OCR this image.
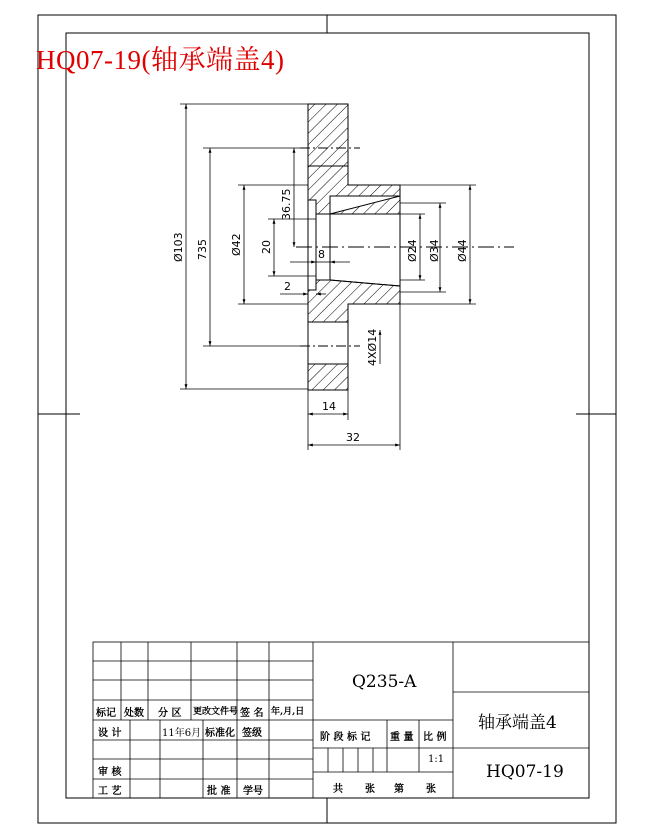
HQ07-19(轴承端盖4)
Ø103 735 Ø42 20
36.75
8
2
Ø24 Ø34 Ø44
4XØ14
14
32
Q235-A
轴承端盖4
HQ07-19
1:1
标记 处数 分 区 更改文件号 签 名 年,月,日
设 计	11年6月 标准化 签级
审 核
工 艺	批 准 学号
阶 段 标 记 重 量 比 例
共 张 第 张
